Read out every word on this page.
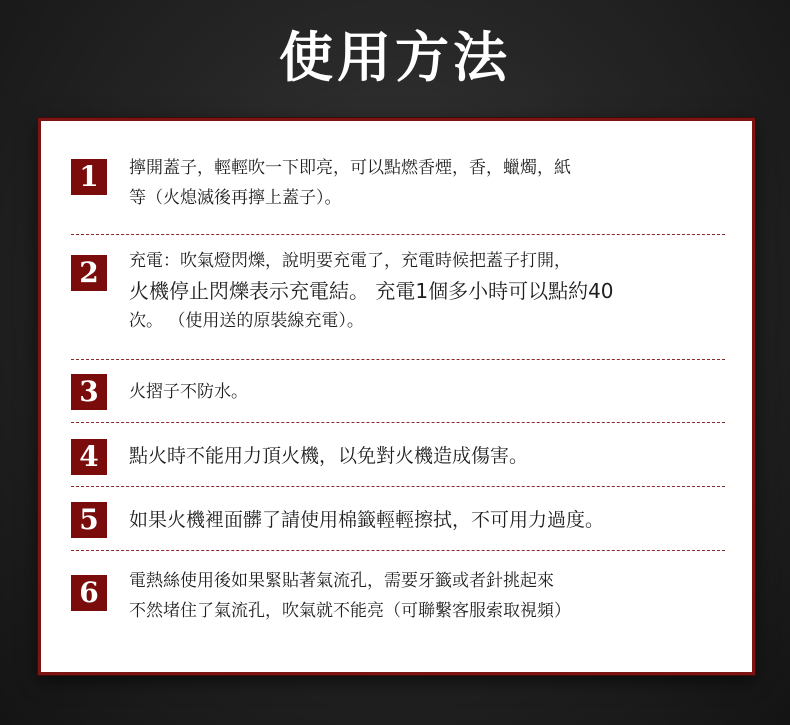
使用方法
1	擰開蓋子，輕輕吹一下即亮，可以點燃香煙，香，蠟燭，紙
等（火熄滅後再擰上蓋子）。
2	充電：吹氣燈閃爍，說明要充電了，充電時候把蓋子打開，
火機停止閃爍表示充電結。 充電1個多小時可以點約40
次。 （使用送的原裝線充電）。
3	火摺子不防水。
4	點火時不能用力頂火機，以免對火機造成傷害。
5	如果火機裡面髒了請使用棉籤輕輕擦拭，不可用力過度。
6	電熱絲使用後如果緊貼著氣流孔，需要牙籤或者針挑起來
不然堵住了氣流孔，吹氣就不能亮（可聯繫客服索取視頻）
